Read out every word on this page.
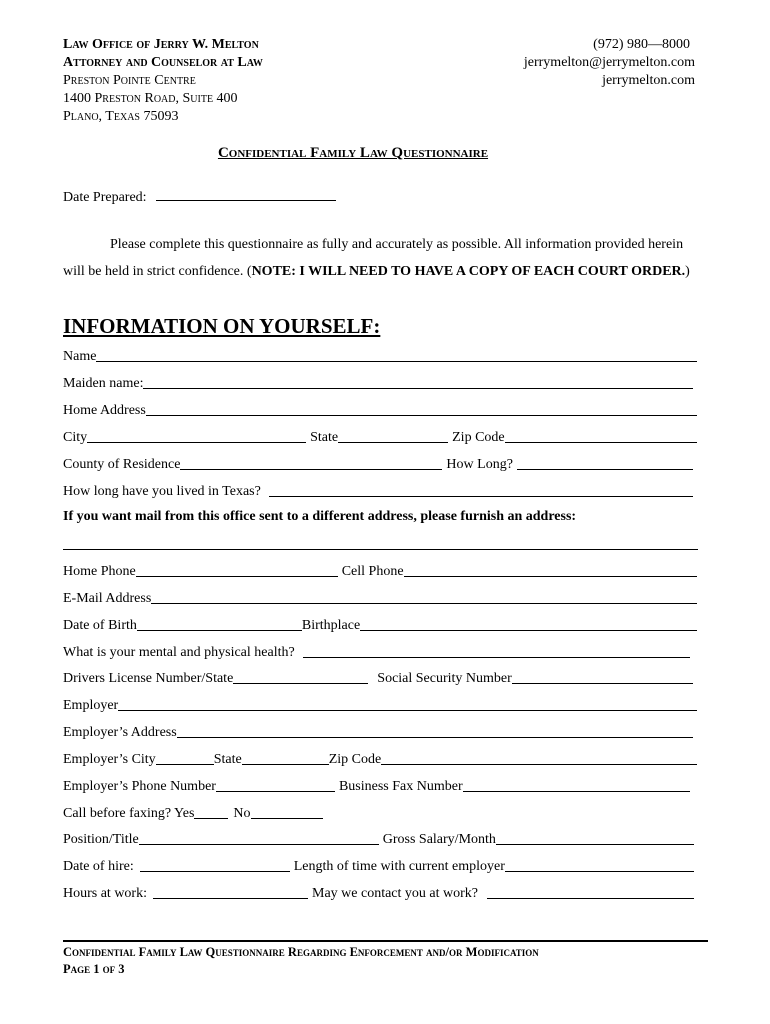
Law Office of Jerry W. Melton
Attorney and Counselor at Law
Preston Pointe Centre
1400 Preston Road, Suite 400
Plano, Texas 75093
(972) 980—8000
jerrymelton@jerrymelton.com
jerrymelton.com
Confidential Family Law Questionnaire
Date Prepared:

Please complete this questionnaire as fully and accurately as possible. All information provided herein will be held in strict confidence. (NOTE: I WILL NEED TO HAVE A COPY OF EACH COURT ORDER.)

INFORMATION ON YOURSELF:
Name
Maiden name:
Home Address
City	State	Zip Code
County of Residence	How Long?
How long have you lived in Texas?
If you want mail from this office sent to a different address, please furnish an address:
Home Phone	Cell Phone
E-Mail Address
Date of Birth	Birthplace
What is your mental and physical health?
Drivers License Number/State	Social Security Number
Employer
Employer’s Address
Employer’s City	State	Zip Code
Employer’s Phone Number	Business Fax Number
Call before faxing? Yes	No
Position/Title	Gross Salary/Month
Date of hire:	Length of time with current employer
Hours at work:	May we contact you at work?
Confidential Family Law Questionnaire Regarding Enforcement and/or Modification
Page 1 of 3
